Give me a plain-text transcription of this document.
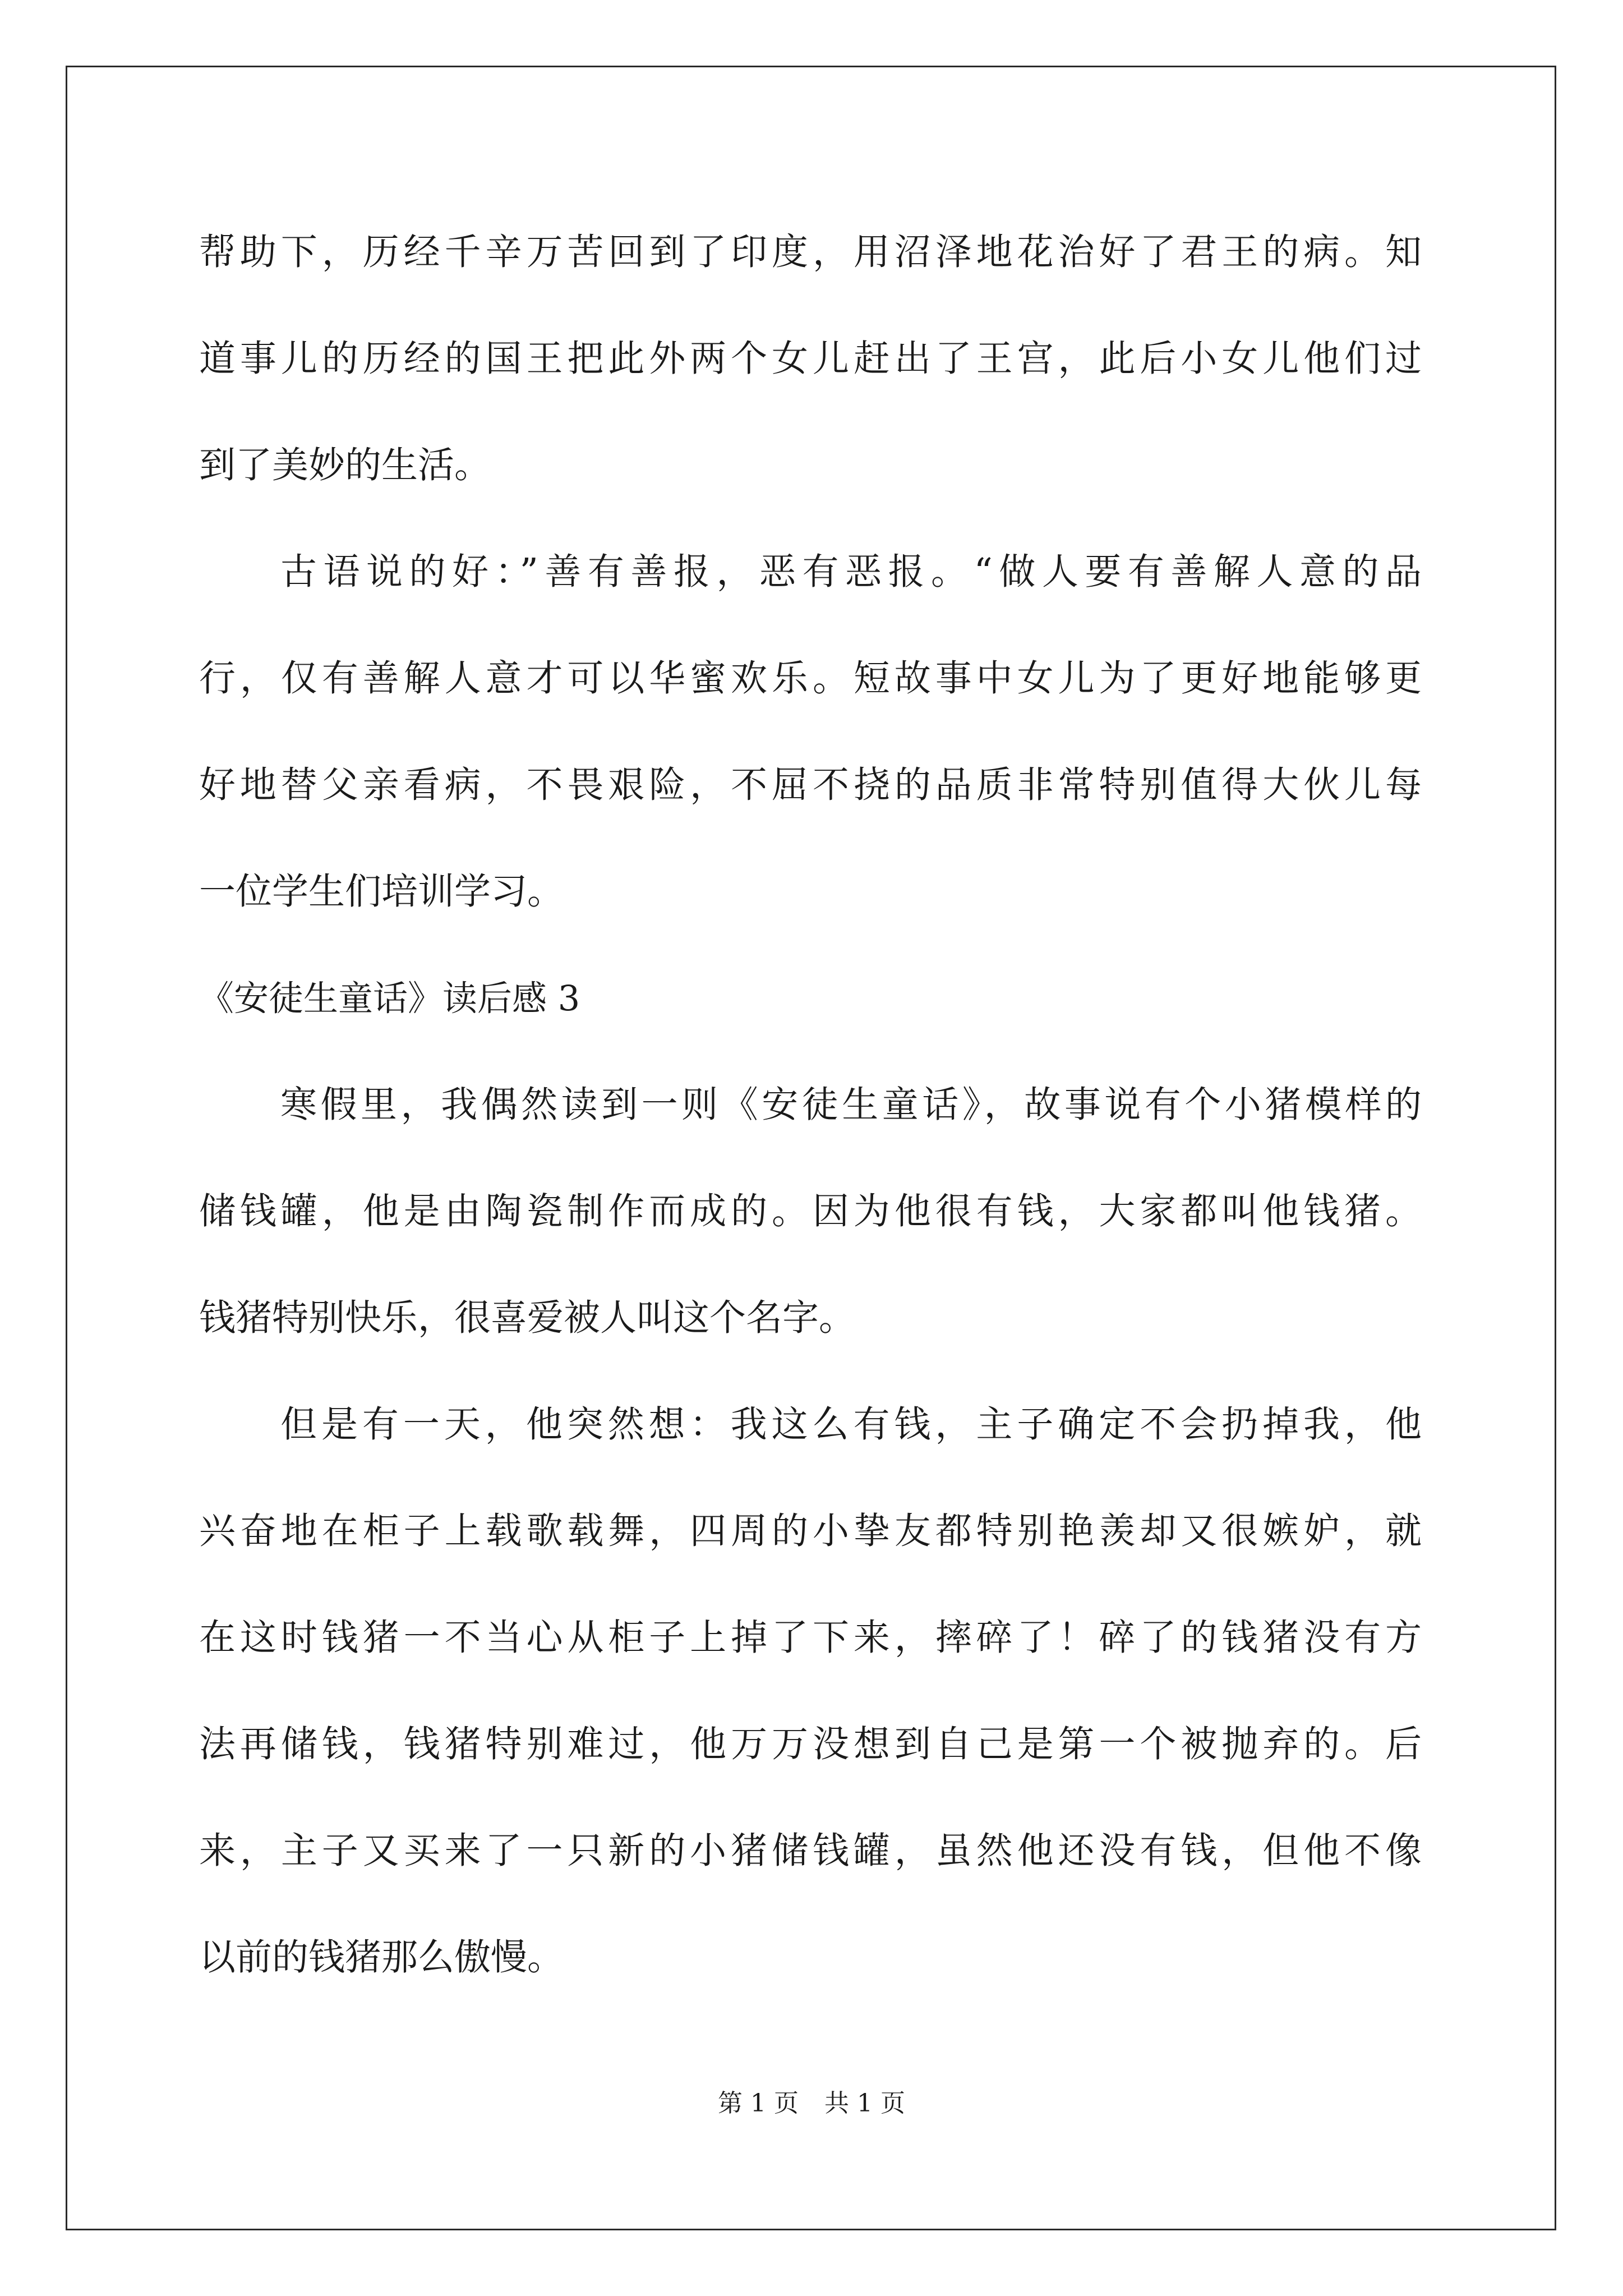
帮助下，历经千辛万苦回到了印度，用沼泽地花治好了君王的病。知
道事儿的历经的国王把此外两个女儿赶出了王宫，此后小女儿他们过
到了美妙的生活。
古语说的好：”善有善报，恶有恶报。“做人要有善解人意的品
行，仅有善解人意才可以华蜜欢乐。短故事中女儿为了更好地能够更
好地替父亲看病，不畏艰险，不屈不挠的品质非常特别值得大伙儿每
一位学生们培训学习。
《安徒生童话》读后感 3
寒假里，我偶然读到一则《安徒生童话》，故事说有个小猪模样的
储钱罐，他是由陶瓷制作而成的。因为他很有钱，大家都叫他钱猪。
钱猪特别快乐，很喜爱被人叫这个名字。
但是有一天，他突然想：我这么有钱，主子确定不会扔掉我，他
兴奋地在柜子上载歌载舞，四周的小挚友都特别艳羡却又很嫉妒，就
在这时钱猪一不当心从柜子上掉了下来，摔碎了！碎了的钱猪没有方
法再储钱，钱猪特别难过，他万万没想到自己是第一个被抛弃的。后
来，主子又买来了一只新的小猪储钱罐，虽然他还没有钱，但他不像
以前的钱猪那么傲慢。
第 1 页 共 1 页
